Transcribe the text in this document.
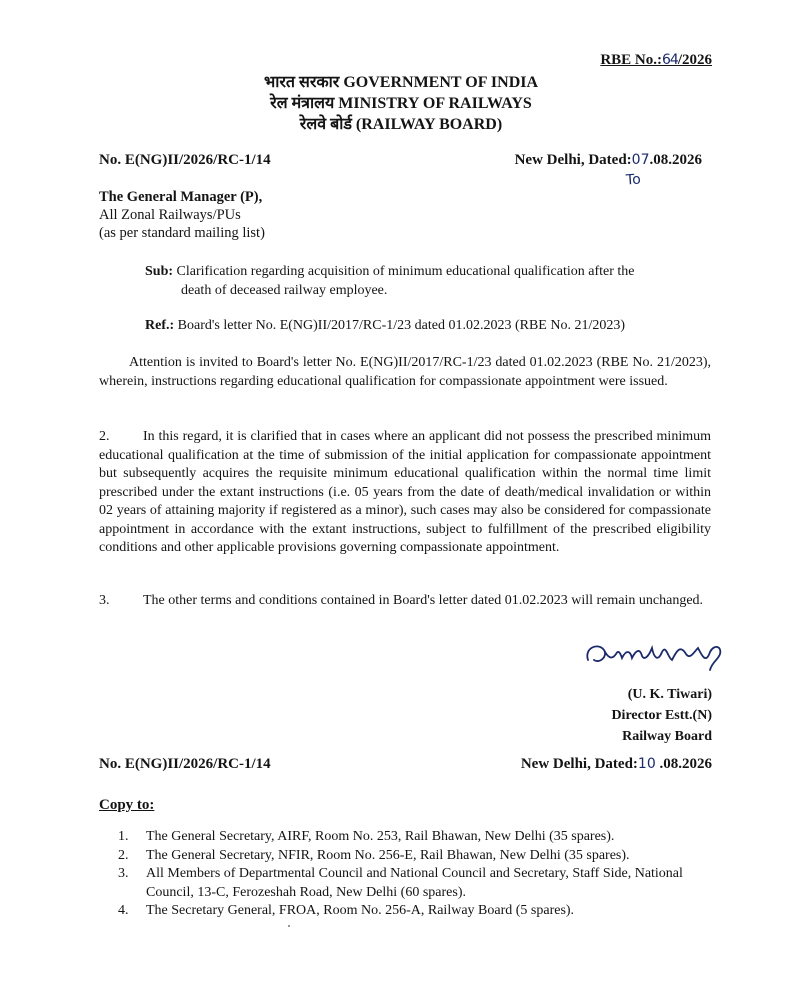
RBE No.:64/2026
भारत सरकार GOVERNMENT OF INDIA
रेल मंत्रालय MINISTRY OF RAILWAYS
रेलवे बोर्ड (RAILWAY BOARD)
No. E(NG)II/2026/RC-1/14	New Delhi, Dated:07.08.2026
To
The General Manager (P),
All Zonal Railways/PUs
(as per standard mailing list)
Sub: Clarification regarding acquisition of minimum educational qualification after the
death of deceased railway employee.
Ref.: Board's letter No. E(NG)II/2017/RC-1/23 dated 01.02.2023 (RBE No. 21/2023)
Attention is invited to Board's letter No. E(NG)II/2017/RC-1/23 dated 01.02.2023 (RBE No. 21/2023), wherein, instructions regarding educational qualification for compassionate appointment were issued.
2. In this regard, it is clarified that in cases where an applicant did not possess the prescribed minimum educational qualification at the time of submission of the initial application for compassionate appointment but subsequently acquires the requisite minimum educational qualification within the normal time limit prescribed under the extant instructions (i.e. 05 years from the date of death/medical invalidation or within 02 years of attaining majority if registered as a minor), such cases may also be considered for compassionate appointment in accordance with the extant instructions, subject to fulfillment of the prescribed eligibility conditions and other applicable provisions governing compassionate appointment.
3. The other terms and conditions contained in Board's letter dated 01.02.2023 will remain unchanged.
(U. K. Tiwari)
Director Estt.(N)
Railway Board
No. E(NG)II/2026/RC-1/14	New Delhi, Dated:10 .08.2026
Copy to:
1.	The General Secretary, AIRF, Room No. 253, Rail Bhawan, New Delhi (35 spares).
2.	The General Secretary, NFIR, Room No. 256-E, Rail Bhawan, New Delhi (35 spares).
3.	All Members of Departmental Council and National Council and Secretary, Staff Side, National Council, 13-C, Ferozeshah Road, New Delhi (60 spares).
4.	The Secretary General, FROA, Room No. 256-A, Railway Board (5 spares).
